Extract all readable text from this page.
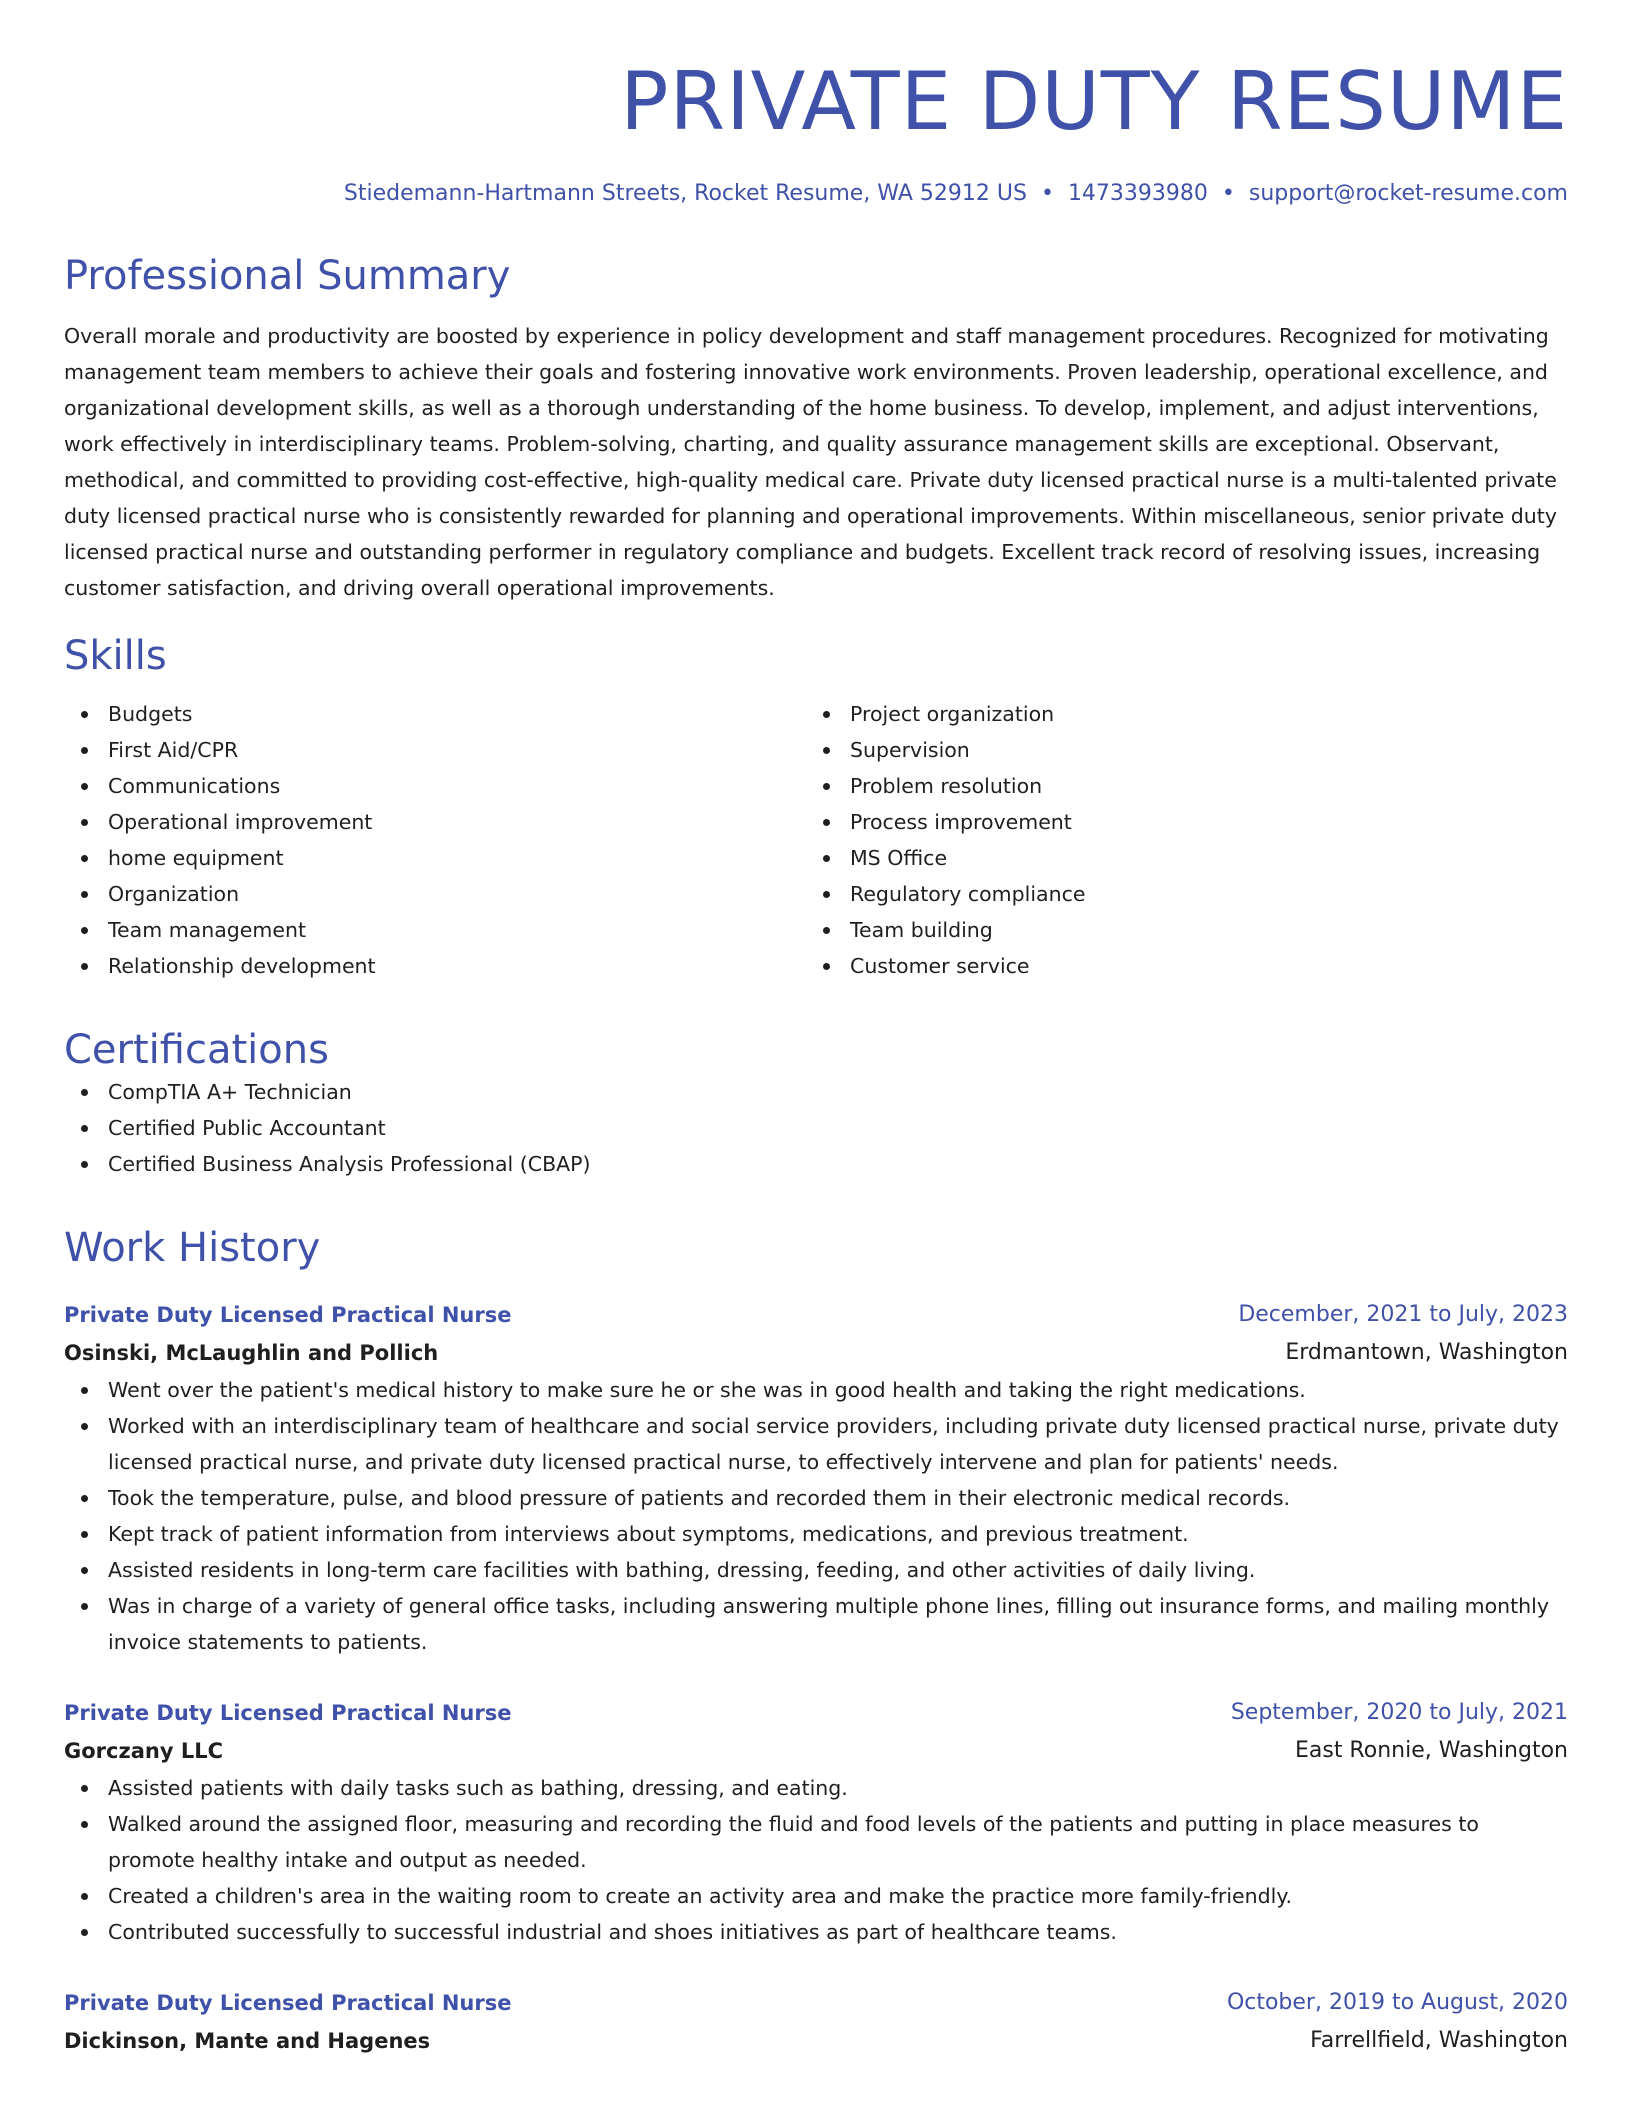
PRIVATE DUTY RESUME
Stiedemann-Hartmann Streets, Rocket Resume, WA 52912 US • 1473393980 • support@rocket-resume.com
Professional Summary
Overall morale and productivity are boosted by experience in policy development and staff management procedures. Recognized for motivating management team members to achieve their goals and fostering innovative work environments. Proven leadership, operational excellence, and organizational development skills, as well as a thorough understanding of the home business. To develop, implement, and adjust interventions, work effectively in interdisciplinary teams. Problem-solving, charting, and quality assurance management skills are exceptional. Observant, methodical, and committed to providing cost-effective, high-quality medical care. Private duty licensed practical nurse is a multi-talented private duty licensed practical nurse who is consistently rewarded for planning and operational improvements. Within miscellaneous, senior private duty licensed practical nurse and outstanding performer in regulatory compliance and budgets. Excellent track record of resolving issues, increasing customer satisfaction, and driving overall operational improvements.
Skills
Budgets
First Aid/CPR
Communications
Operational improvement
home equipment
Organization
Team management
Relationship development
Project organization
Supervision
Problem resolution
Process improvement
MS Office
Regulatory compliance
Team building
Customer service
Certifications
CompTIA A+ Technician
Certified Public Accountant
Certified Business Analysis Professional (CBAP)
Work History
Private Duty Licensed Practical Nurse	December, 2021 to July, 2023
Osinski, McLaughlin and Pollich	Erdmantown, Washington
Went over the patient's medical history to make sure he or she was in good health and taking the right medications.
Worked with an interdisciplinary team of healthcare and social service providers, including private duty licensed practical nurse, private duty licensed practical nurse, and private duty licensed practical nurse, to effectively intervene and plan for patients' needs.
Took the temperature, pulse, and blood pressure of patients and recorded them in their electronic medical records.
Kept track of patient information from interviews about symptoms, medications, and previous treatment.
Assisted residents in long-term care facilities with bathing, dressing, feeding, and other activities of daily living.
Was in charge of a variety of general office tasks, including answering multiple phone lines, filling out insurance forms, and mailing monthly invoice statements to patients.
Private Duty Licensed Practical Nurse	September, 2020 to July, 2021
Gorczany LLC	East Ronnie, Washington
Assisted patients with daily tasks such as bathing, dressing, and eating.
Walked around the assigned floor, measuring and recording the fluid and food levels of the patients and putting in place measures to promote healthy intake and output as needed.
Created a children's area in the waiting room to create an activity area and make the practice more family-friendly.
Contributed successfully to successful industrial and shoes initiatives as part of healthcare teams.
Private Duty Licensed Practical Nurse	October, 2019 to August, 2020
Dickinson, Mante and Hagenes	Farrellfield, Washington
